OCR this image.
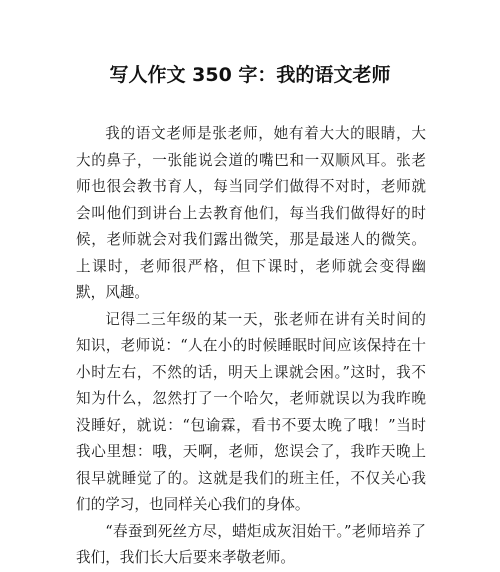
写人作文 350 字：我的语文老师

我的语文老师是张老师，她有着大大的眼睛，大大的鼻子，一张能说会道的嘴巴和一双顺风耳。张老师也很会教书育人，每当同学们做得不对时，老师就会叫他们到讲台上去教育他们，每当我们做得好的时候，老师就会对我们露出微笑，那是最迷人的微笑。上课时，老师很严格，但下课时，老师就会变得幽默，风趣。

记得二三年级的某一天，张老师在讲有关时间的知识，老师说：“人在小的时候睡眠时间应该保持在十小时左右，不然的话，明天上课就会困。”这时，我不知为什么，忽然打了一个哈欠，老师就误以为我昨晚没睡好，就说：“包谕霖，看书不要太晚了哦！”当时我心里想：哦，天啊，老师，您误会了，我昨天晚上很早就睡觉了的。这就是我们的班主任，不仅关心我们的学习，也同样关心我们的身体。

“春蚕到死丝方尽，蜡炬成灰泪始干。”老师培养了我们，我们长大后要来孝敬老师。
